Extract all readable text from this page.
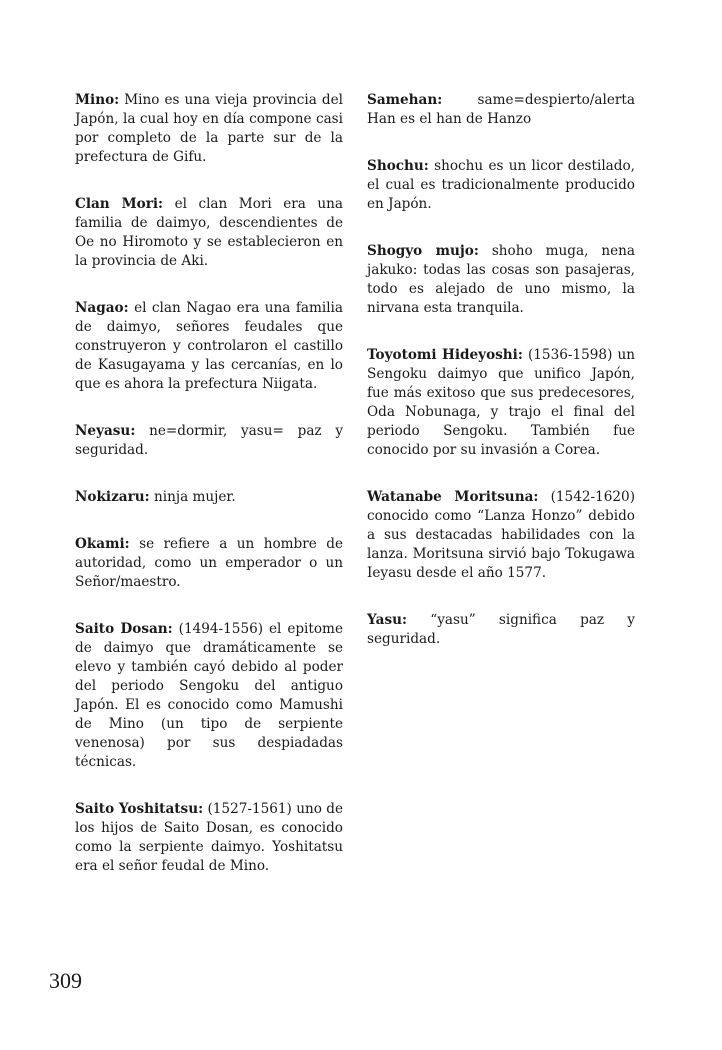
Mino: Mino es una vieja provincia del Japón, la cual hoy en día compone casi por completo de la parte sur de la prefectura de Gifu.

Clan Mori: el clan Mori era una familia de daimyo, descendientes de Oe no Hiromoto y se establecieron en la provincia de Aki.

Nagao: el clan Nagao era una familia de daimyo, señores feudales que construyeron y controlaron el castillo de Kasugayama y las cercanías, en lo que es ahora la prefectura Niigata.

Neyasu: ne=dormir, yasu= paz y seguridad.

Nokizaru: ninja mujer.

Okami: se refiere a un hombre de autoridad, como un emperador o un Señor/maestro.

Saito Dosan: (1494-1556) el epitome de daimyo que dramáticamente se elevo y también cayó debido al poder del periodo Sengoku del antiguo Japón. El es conocido como Mamushi de Mino (un tipo de serpiente venenosa) por sus despiadadas técnicas.

Saito Yoshitatsu: (1527-1561) uno de los hijos de Saito Dosan, es conocido como la serpiente daimyo. Yoshitatsu era el señor feudal de Mino.

Samehan:	same=despierto/alerta Han es el han de Hanzo

Shochu: shochu es un licor destilado, el cual es tradicionalmente producido en Japón.

Shogyo mujo: shoho muga, nena jakuko: todas las cosas son pasajeras, todo es alejado de uno mismo, la nirvana esta tranquila.

Toyotomi Hideyoshi: (1536-1598) un Sengoku daimyo que unifico Japón, fue más exitoso que sus predecesores, Oda Nobunaga, y trajo el final del periodo Sengoku. También fue conocido por su invasión a Corea.

Watanabe Moritsuna: (1542-1620) conocido como “Lanza Honzo” debido a sus destacadas habilidades con la lanza. Moritsuna sirvió bajo Tokugawa Ieyasu desde el año 1577.

Yasu: “yasu” significa paz y seguridad.

309
